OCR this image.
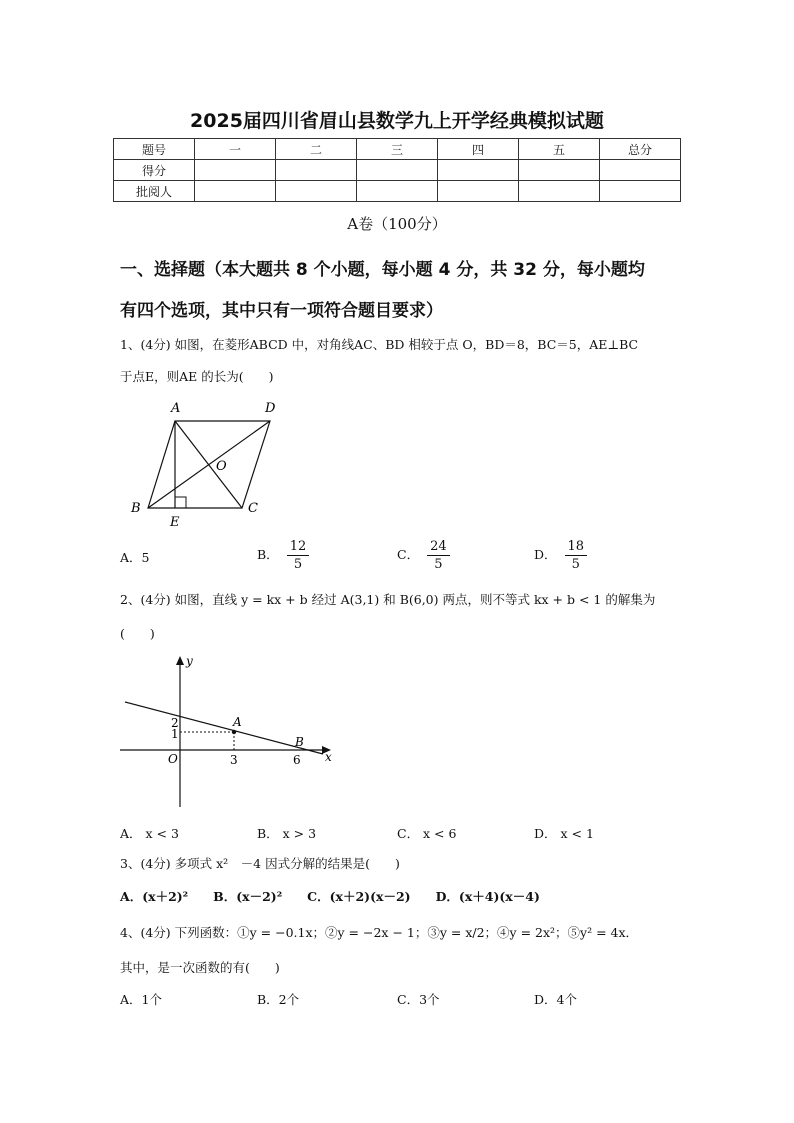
2025届四川省眉山县数学九上开学经典模拟试题
题号	一	二	三	四	五	总分
得分						
批阅人						
A卷（100分）
一、选择题（本大题共 8 个小题，每小题 4 分，共 32 分，每小题均
有四个选项，其中只有一项符合题目要求）
1、(4分) 如图，在菱形ABCD 中，对角线AC、BD 相较于点 O，BD＝8，BC＝5，AE⊥BC
于点E，则AE 的长为(　　)
A	D
O
B
E
C
A．5	B． $\frac{12}{5}$	C． $\frac{24}{5}$	D． $\frac{18}{5}$
2、(4分) 如图，直线 y = kx + b 经过 A(3,1) 和 B(6,0) 两点，则不等式 kx + b < 1 的解集为
(　　)
y
x
O
2
1
3	6
A
B
A． x < 3	B． x > 3	C． x < 6	D． x < 1
3、(4分) 多项式 x²　－4 因式分解的结果是(　　)
A．(x＋2)²　　B．(x－2)²　　C．(x＋2)(x－2)　　D．(x＋4)(x－4)
4、(4分) 下列函数：①y = −0.1x；②y = −2x − 1；③y = x/2；④y = 2x²；⑤y² = 4x．
其中，是一次函数的有(　　)
A．1个	B．2个	C．3个	D．4个
